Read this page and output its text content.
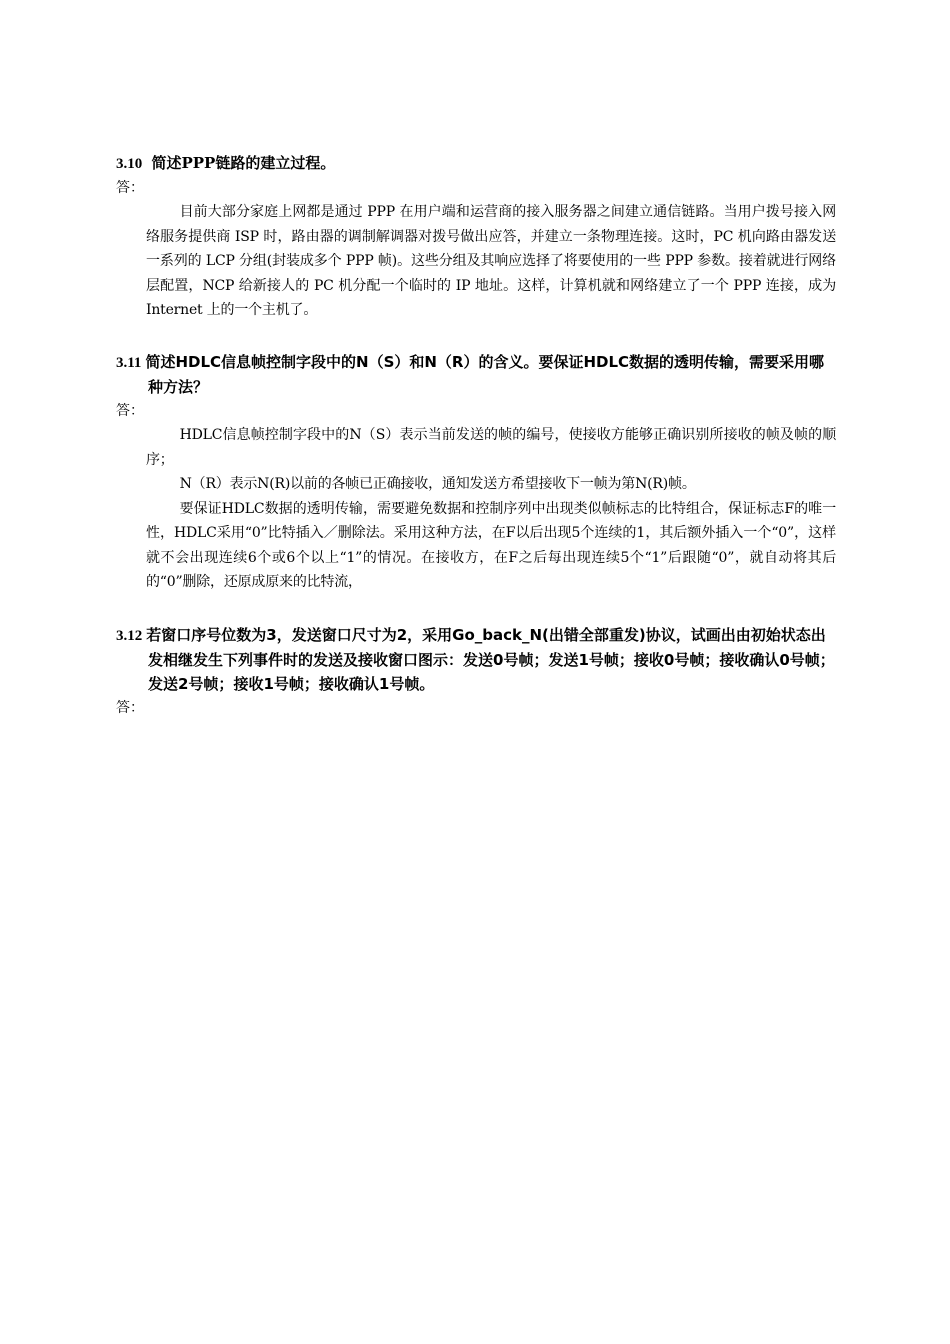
3.10 简述PPP链路的建立过程。

答：

目前大部分家庭上网都是通过 PPP 在用户端和运营商的接入服务器之间建立通信链路。当用户拨号接入网络服务提供商 ISP 时，路由器的调制解调器对拨号做出应答，并建立一条物理连接。这时，PC 机向路由器发送一系列的 LCP 分组(封装成多个 PPP 帧)。这些分组及其响应选择了将要使用的一些 PPP 参数。接着就进行网络层配置，NCP 给新接人的 PC 机分配一个临时的 IP 地址。这样，计算机就和网络建立了一个 PPP 连接，成为 Internet 上的一个主机了。

3.11 简述HDLC信息帧控制字段中的N（S）和N（R）的含义。要保证HDLC数据的透明传输，需要采用哪种方法？

答：

HDLC信息帧控制字段中的N（S）表示当前发送的帧的编号，使接收方能够正确识别所接收的帧及帧的顺序；

N（R）表示N(R)以前的各帧已正确接收，通知发送方希望接收下一帧为第N(R)帧。

要保证HDLC数据的透明传输，需要避免数据和控制序列中出现类似帧标志的比特组合，保证标志F的唯一性，HDLC采用“0”比特插入／删除法。采用这种方法，在F以后出现5个连续的1，其后额外插入一个“0”，这样就不会出现连续6个或6个以上“1”的情况。在接收方，在F之后每出现连续5个“1”后跟随“0”，就自动将其后的“0”删除，还原成原来的比特流，

3.12 若窗口序号位数为3，发送窗口尺寸为2，采用Go_back_N(出错全部重发)协议，试画出由初始状态出发相继发生下列事件时的发送及接收窗口图示：发送0号帧；发送1号帧；接收0号帧；接收确认0号帧；发送2号帧；接收1号帧；接收确认1号帧。

答：
